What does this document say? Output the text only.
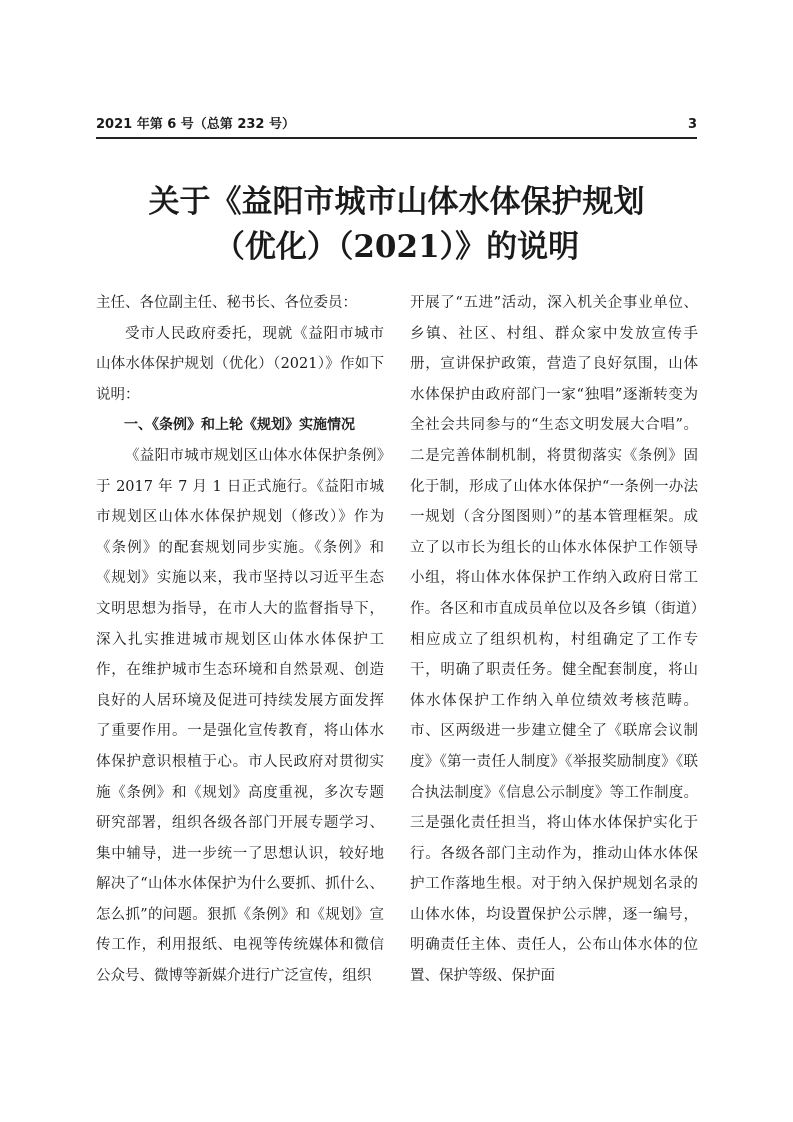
2021 年第 6 号（总第 232 号）	3
关于《益阳市城市山体水体保护规划
（优化）（2021）》的说明

主任、各位副主任、秘书长、各位委员：

受市人民政府委托，现就《益阳市城市山体水体保护规划（优化）（2021）》作如下说明：

一、《条例》和上轮《规划》实施情况

《益阳市城市规划区山体水体保护条例》于 2017 年 7 月 1 日正式施行。《益阳市城市规划区山体水体保护规划（修改）》作为《条例》的配套规划同步实施。《条例》和《规划》实施以来，我市坚持以习近平生态文明思想为指导，在市人大的监督指导下，深入扎实推进城市规划区山体水体保护工作，在维护城市生态环境和自然景观、创造良好的人居环境及促进可持续发展方面发挥了重要作用。一是强化宣传教育，将山体水体保护意识根植于心。市人民政府对贯彻实施《条例》和《规划》高度重视，多次专题研究部署，组织各级各部门开展专题学习、集中辅导，进一步统一了思想认识，较好地解决了“山体水体保护为什么要抓、抓什么、怎么抓”的问题。狠抓《条例》和《规划》宣传工作，利用报纸、电视等传统媒体和微信公众号、微博等新媒介进行广泛宣传，组织

开展了“五进”活动，深入机关企事业单位、乡镇、社区、村组、群众家中发放宣传手册，宣讲保护政策，营造了良好氛围，山体水体保护由政府部门一家“独唱”逐渐转变为全社会共同参与的“生态文明发展大合唱”。二是完善体制机制，将贯彻落实《条例》固化于制，形成了山体水体保护“一条例一办法一规划（含分图图则）”的基本管理框架。成立了以市长为组长的山体水体保护工作领导小组，将山体水体保护工作纳入政府日常工作。各区和市直成员单位以及各乡镇（街道）相应成立了组织机构，村组确定了工作专干，明确了职责任务。健全配套制度，将山体水体保护工作纳入单位绩效考核范畴。市、区两级进一步建立健全了《联席会议制度》《第一责任人制度》《举报奖励制度》《联合执法制度》《信息公示制度》等工作制度。三是强化责任担当，将山体水体保护实化于行。各级各部门主动作为，推动山体水体保护工作落地生根。对于纳入保护规划名录的山体水体，均设置保护公示牌，逐一编号，明确责任主体、责任人，公布山体水体的位置、保护等级、保护面
